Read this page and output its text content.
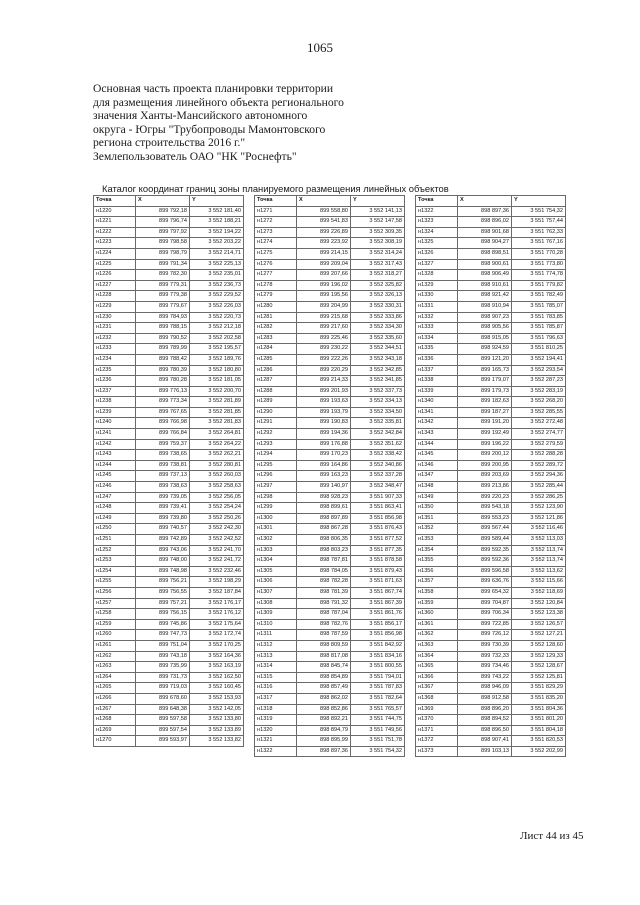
1065
Основная часть проекта планировки территории
для размещения линейного объекта регионального
значения Ханты-Мансийского автономного
округа - Югры "Трубопроводы Мамонтовского
региона строительства 2016 г."
Землепользователь ОАО "НК "Роснефть"
Каталог координат границ зоны планируемого размещения линейных объектов
Точка	X	Y
н1220	899 792,18	3 552 181,40
н1221	899 796,74	3 552 188,21
н1222	899 797,92	3 552 194,22
н1223	899 798,58	3 552 203,22
н1224	899 798,79	3 552 214,71
н1225	899 791,34	3 552 225,13
н1226	899 782,30	3 552 235,01
н1227	899 779,31	3 552 236,73
н1228	899 779,38	3 552 229,52
н1229	899 779,67	3 552 226,03
н1230	899 784,93	3 552 220,73
н1231	899 788,15	3 552 212,18
н1232	899 790,52	3 552 202,58
н1233	899 789,99	3 552 195,57
н1234	899 788,42	3 552 189,76
н1235	899 780,39	3 552 180,80
н1236	899 780,28	3 552 181,05
н1237	899 776,13	3 552 200,70
н1238	899 773,34	3 552 281,89
н1239	899 767,65	3 552 281,85
н1240	899 766,98	3 552 281,83
н1241	899 766,84	3 552 264,81
н1242	899 759,37	3 552 264,22
н1243	899 738,65	3 552 262,21
н1244	899 738,81	3 552 280,81
н1245	899 737,13	3 552 260,03
н1246	899 738,63	3 552 258,63
н1247	899 739,05	3 552 256,05
н1248	899 739,41	3 552 254,24
н1249	899 739,80	3 552 250,26
н1250	899 740,57	3 552 242,30
н1251	899 742,89	3 552 242,52
н1252	899 743,06	3 552 241,70
н1253	899 748,00	3 552 241,72
н1254	899 748,98	3 552 232,46
н1255	899 756,21	3 552 198,29
н1256	899 756,55	3 552 187,84
н1257	899 757,21	3 552 176,17
н1258	899 756,15	3 552 176,12
н1259	899 745,86	3 552 175,64
н1260	899 747,73	3 552 172,74
н1261	899 751,04	3 552 170,25
н1262	899 743,18	3 552 164,36
н1263	899 735,99	3 552 163,19
н1264	899 731,73	3 552 162,50
н1265	899 719,03	3 552 160,45
н1266	899 678,60	3 552 153,93
н1267	899 648,38	3 552 142,05
н1268	899 597,58	3 552 133,80
н1269	899 597,54	3 552 133,89
н1270	899 593,97	3 552 133,82
Точка	X	Y
н1271	899 558,80	3 552 141,13
н1272	899 541,83	3 552 147,58
н1273	899 226,89	3 552 309,35
н1274	899 223,92	3 552 308,19
н1275	899 214,15	3 552 314,24
н1276	899 209,04	3 552 317,43
н1277	899 207,66	3 552 318,27
н1278	899 196,02	3 552 325,82
н1279	899 195,56	3 552 326,13
н1280	899 204,99	3 552 330,31
н1281	899 215,68	3 552 333,86
н1282	899 217,60	3 552 334,30
н1283	899 225,46	3 552 335,60
н1284	899 230,22	3 552 344,51
н1285	899 222,26	3 552 343,18
н1286	899 220,29	3 552 342,85
н1287	899 214,33	3 552 341,85
н1288	899 201,93	3 552 337,73
н1289	899 193,63	3 552 334,13
н1290	899 193,79	3 552 334,50
н1291	899 190,83	3 552 335,81
н1292	899 194,36	3 552 342,84
н1293	899 176,88	3 552 351,62
н1294	899 170,23	3 552 338,42
н1295	899 164,86	3 552 340,86
н1296	899 163,23	3 552 337,28
н1297	899 140,97	3 552 348,47
н1298	898 928,23	3 551 907,33
н1299	898 899,61	3 551 863,41
н1300	898 897,89	3 551 856,98
н1301	898 867,28	3 551 876,43
н1302	898 806,35	3 551 877,52
н1303	898 803,23	3 551 877,35
н1304	898 787,81	3 551 878,58
н1305	898 784,05	3 551 879,43
н1306	898 782,28	3 551 871,63
н1307	898 781,39	3 551 867,74
н1308	898 791,32	3 551 867,39
н1309	898 787,04	3 551 861,76
н1310	898 782,76	3 551 856,17
н1311	898 787,59	3 551 856,98
н1312	898 809,59	3 551 842,92
н1313	898 817,08	3 551 834,16
н1314	898 845,74	3 551 800,55
н1315	898 854,89	3 551 794,01
н1316	898 857,49	3 551 787,83
н1317	898 862,02	3 551 782,64
н1318	898 852,86	3 551 765,57
н1319	898 892,21	3 551 744,75
н1320	898 894,79	3 551 749,56
н1321	898 895,99	3 551 751,78
н1322	898 897,36	3 551 754,32
Точка	X	Y
н1322	898 897,36	3 551 754,32
н1323	898 896,02	3 551 757,44
н1324	898 901,68	3 551 762,33
н1325	898 904,27	3 551 767,16
н1326	898 898,51	3 551 770,28
н1327	898 900,61	3 551 773,80
н1328	898 906,49	3 551 774,78
н1329	898 910,61	3 551 779,82
н1330	898 921,42	3 551 782,49
н1331	898 910,94	3 551 785,07
н1332	898 907,23	3 551 783,85
н1333	898 905,56	3 551 785,87
н1334	898 915,05	3 551 796,63
н1335	898 924,59	3 551 810,25
н1336	899 121,20	3 552 194,41
н1337	899 165,73	3 552 293,54
н1338	899 179,07	3 552 287,23
н1339	899 179,73	3 552 283,19
н1340	899 182,63	3 552 268,20
н1341	899 187,27	3 552 285,55
н1342	899 191,20	3 552 272,48
н1343	899 192,49	3 552 274,77
н1344	899 196,22	3 552 279,59
н1345	899 200,12	3 552 288,28
н1346	899 200,95	3 552 289,72
н1347	899 203,69	3 552 294,36
н1348	899 213,86	3 552 285,44
н1349	899 220,23	3 552 286,25
н1350	899 543,18	3 552 123,90
н1351	899 553,23	3 552 121,86
н1352	899 567,44	3 552 116,46
н1353	899 589,44	3 552 113,03
н1354	899 592,35	3 552 113,74
н1355	899 592,36	3 552 113,74
н1356	899 596,58	3 552 113,62
н1357	899 636,76	3 552 115,66
н1358	899 654,32	3 552 118,69
н1359	899 704,87	3 552 120,84
н1360	899 706,34	3 552 123,38
н1361	899 722,85	3 552 126,57
н1362	899 726,12	3 552 127,21
н1363	899 730,39	3 552 128,60
н1364	899 732,33	3 552 129,33
н1365	899 734,46	3 552 128,67
н1366	899 743,22	3 552 125,81
н1367	898 946,09	3 551 829,29
н1368	898 912,58	3 551 835,20
н1369	898 896,20	3 551 804,36
н1370	898 894,52	3 551 801,20
н1371	898 896,50	3 551 804,18
н1372	898 907,41	3 551 820,53
н1373	899 103,13	3 552 202,99
Лист 44 из 45
